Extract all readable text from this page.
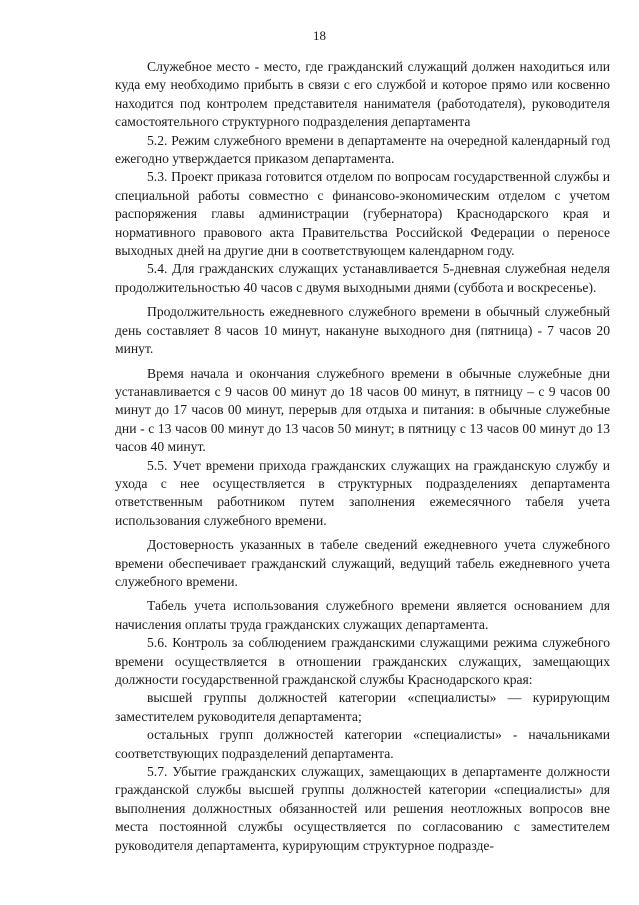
18

Служебное место - место, где гражданский служащий должен находиться или куда ему необходимо прибыть в связи с его службой и которое прямо или косвенно находится под контролем представителя нанимателя (работодателя), руководителя самостоятельного структурного подразделения департамента

5.2. Режим служебного времени в департаменте на очередной календарный год ежегодно утверждается приказом департамента.

5.3. Проект приказа готовится отделом по вопросам государственной службы и специальной работы совместно с финансово-экономическим отделом с учетом распоряжения главы администрации (губернатора) Краснодарского края и нормативного правового акта Правительства Российской Федерации о переносе выходных дней на другие дни в соответствующем календарном году.

5.4. Для гражданских служащих устанавливается 5-дневная служебная неделя продолжительностью 40 часов с двумя выходными днями (суббота и воскресенье).

Продолжительность ежедневного служебного времени в обычный служебный день составляет 8 часов 10 минут, накануне выходного дня (пятница) - 7 часов 20 минут.

Время начала и окончания служебного времени в обычные служебные дни устанавливается с 9 часов 00 минут до 18 часов 00 минут, в пятницу – с 9 часов 00 минут до 17 часов 00 минут, перерыв для отдыха и питания: в обычные служебные дни - с 13 часов 00 минут до 13 часов 50 минут; в пятницу с 13 часов 00 минут до 13 часов 40 минут.

5.5. Учет времени прихода гражданских служащих на гражданскую службу и ухода с нее осуществляется в структурных подразделениях департамента ответственным работником путем заполнения ежемесячного табеля учета использования служебного времени.

Достоверность указанных в табеле сведений ежедневного учета служебного времени обеспечивает гражданский служащий, ведущий табель ежедневного учета служебного времени.

Табель учета использования служебного времени является основанием для начисления оплаты труда гражданских служащих департамента.

5.6. Контроль за соблюдением гражданскими служащими режима служебного времени осуществляется в отношении гражданских служащих, замещающих должности государственной гражданской службы Краснодарского края:

высшей группы должностей категории «специалисты» — курирующим заместителем руководителя департамента;

остальных групп должностей категории «специалисты» - начальниками соответствующих подразделений департамента.

5.7. Убытие гражданских служащих, замещающих в департаменте должности гражданской службы высшей группы должностей категории «специалисты» для выполнения должностных обязанностей или решения неотложных вопросов вне места постоянной службы осуществляется по согласованию с заместителем руководителя департамента, курирующим структурное подразде-
